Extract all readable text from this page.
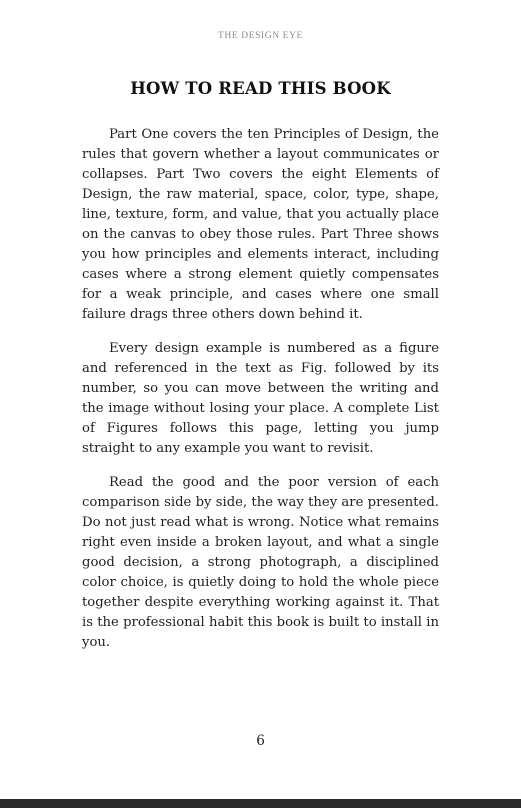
THE DESIGN EYE
HOW TO READ THIS BOOK

Part One covers the ten Principles of Design, the rules that govern whether a layout communicates or collapses. Part Two covers the eight Elements of Design, the raw material, space, color, type, shape, line, texture, form, and value, that you actually place on the canvas to obey those rules. Part Three shows you how principles and elements interact, including cases where a strong element quietly compensates for a weak principle, and cases where one small failure drags three others down behind it.

Every design example is numbered as a figure and referenced in the text as Fig. followed by its number, so you can move between the writing and the image without losing your place. A complete List of Figures follows this page, letting you jump straight to any example you want to revisit.

Read the good and the poor version of each comparison side by side, the way they are presented. Do not just read what is wrong. Notice what remains right even inside a broken layout, and what a single good decision, a strong photograph, a disciplined color choice, is quietly doing to hold the whole piece together despite everything working against it. That is the professional habit this book is built to install in you.

6
